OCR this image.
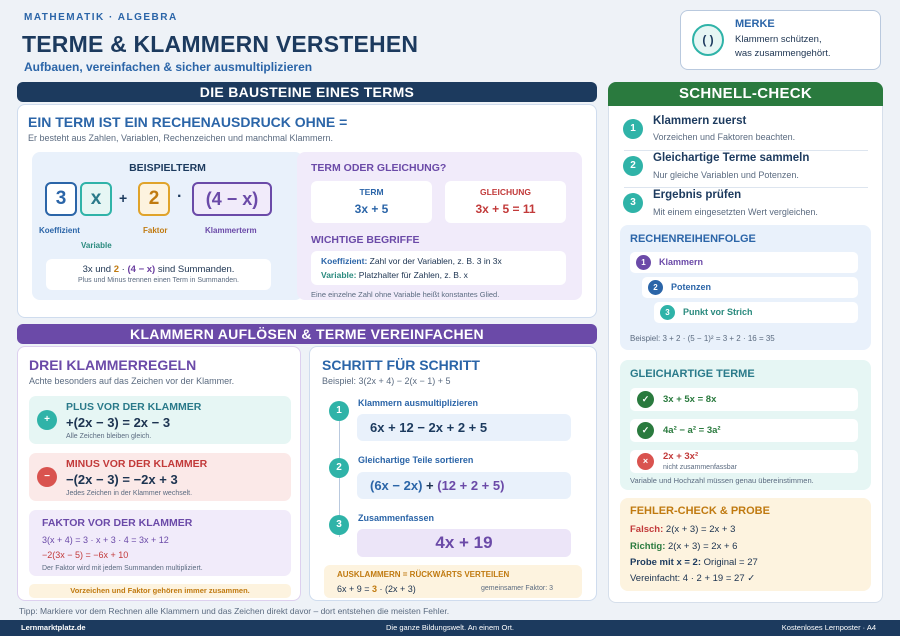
MATHEMATIK · ALGEBRA
TERME & KLAMMERN VERSTEHEN
Aufbauen, vereinfachen & sicher ausmultiplizieren
( )
MERKE
Klammern schützen,
was zusammengehört.
DIE BAUSTEINE EINES TERMS
EIN TERM IST EIN RECHENAUSDRUCK OHNE =
Er besteht aus Zahlen, Variablen, Rechenzeichen und manchmal Klammern.
BEISPIELTERM
3	x	+	2	·	(4 − x)
Koeffizient
Variable
Faktor	Klammerterm
3x und 2 · (4 − x) sind Summanden.
Plus und Minus trennen einen Term in Summanden.
TERM ODER GLEICHUNG?
TERM
3x + 5
GLEICHUNG
3x + 5 = 11
WICHTIGE BEGRIFFE
Koeffizient: Zahl vor der Variablen, z. B. 3 in 3x
Variable: Platzhalter für Zahlen, z. B. x
Eine einzelne Zahl ohne Variable heißt konstantes Glied.
KLAMMERN AUFLÖSEN & TERME VEREINFACHEN
DREI KLAMMERREGELN
Achte besonders auf das Zeichen vor der Klammer.
+
PLUS VOR DER KLAMMER
+(2x − 3) = 2x − 3
Alle Zeichen bleiben gleich.
−
MINUS VOR DER KLAMMER
−(2x − 3) = −2x + 3
Jedes Zeichen in der Klammer wechselt.
FAKTOR VOR DER KLAMMER
3(x + 4) = 3 · x + 3 · 4 = 3x + 12
−2(3x − 5) = −6x + 10
Der Faktor wird mit jedem Summanden multipliziert.
Vorzeichen und Faktor gehören immer zusammen.
SCHRITT FÜR SCHRITT
Beispiel: 3(2x + 4) − 2(x − 1) + 5
1
Klammern ausmultiplizieren
6x + 12 − 2x + 2 + 5
2
Gleichartige Teile sortieren
(6x − 2x) + (12 + 2 + 5)
3
Zusammenfassen
4x + 19
AUSKLAMMERN = RÜCKWÄRTS VERTEILEN
6x + 9 = 3 · (2x + 3)	gemeinsamer Faktor: 3
Tipp: Markiere vor dem Rechnen alle Klammern und das Zeichen direkt davor – dort entstehen die meisten Fehler.
Lernmarktplatz.de	Die ganze Bildungswelt. An einem Ort.	Kostenloses Lernposter · A4
SCHNELL-CHECK
1
Klammern zuerst
Vorzeichen und Faktoren beachten.
2
Gleichartige Terme sammeln
Nur gleiche Variablen und Potenzen.
3
Ergebnis prüfen
Mit einem eingesetzten Wert vergleichen.
RECHENREIHENFOLGE
1	Klammern
2	Potenzen
3	Punkt vor Strich
Beispiel: 3 + 2 · (5 − 1)² = 3 + 2 · 16 = 35
GLEICHARTIGE TERME
✓	3x + 5x = 8x
✓	4a² − a² = 3a²
×	2x + 3x²
nicht zusammenfassbar
Variable und Hochzahl müssen genau übereinstimmen.
FEHLER-CHECK & PROBE
Falsch: 2(x + 3) = 2x + 3
Richtig: 2(x + 3) = 2x + 6
Probe mit x = 2: Original = 27
Vereinfacht: 4 · 2 + 19 = 27 ✓
